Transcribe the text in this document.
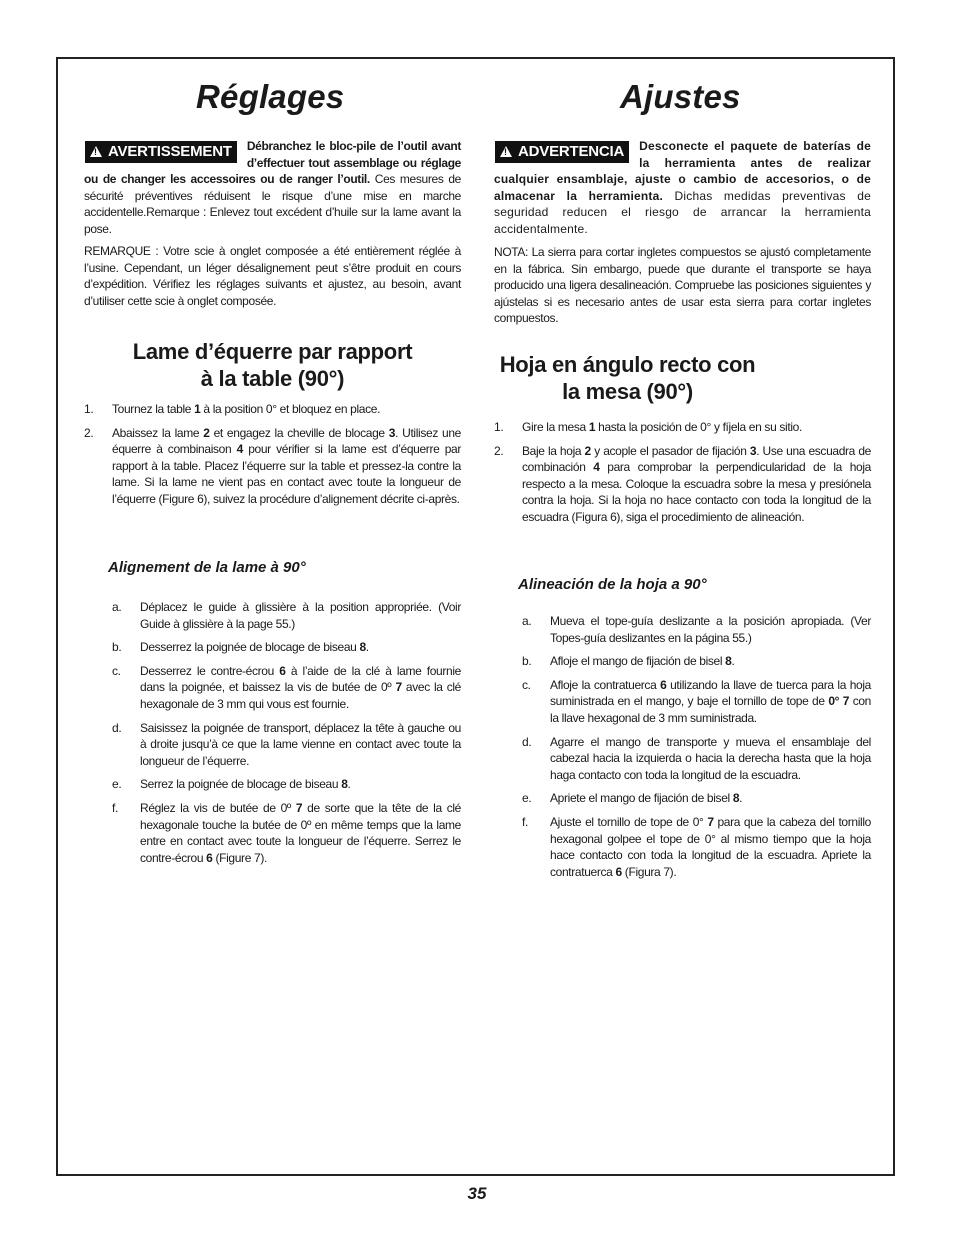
Réglages	Ajustes
!AVERTISSEMENT	Débranchez le bloc-pile de l’outil avant d’effectuer tout assemblage ou réglage ou de changer les accessoires ou de ranger l’outil. Ces mesures de sécurité préventives réduisent le risque d’une mise en marche accidentelle.Remarque : Enlevez tout excédent d’huile sur la lame avant la pose.

REMARQUE : Votre scie à onglet composée a été entièrement réglée à l’usine. Cependant, un léger désalignement peut s’être produit en cours d’expédition. Vérifiez les réglages suivants et ajustez, au besoin, avant d’utiliser cette scie à onglet composée.

Lame d’équerre par rapport
à la table (90°)
1. Tournez la table 1 à la position 0° et bloquez en place.
2. Abaissez la lame 2 et engagez la cheville de blocage 3. Utilisez une équerre à combinaison 4 pour vérifier si la lame est d’équerre par rapport à la table. Placez l’équerre sur la table et pressez-la contre la lame. Si la lame ne vient pas en contact avec toute la longueur de l’équerre (Figure 6), suivez la procédure d’alignement décrite ci-après.
Alignement de la lame à 90°
a. Déplacez le guide à glissière à la position appropriée. (Voir Guide à glissière à la page 55.)
b. Desserrez la poignée de blocage de biseau 8.
c. Desserrez le contre-écrou 6 à l’aide de la clé à lame fournie dans la poignée, et baissez la vis de butée de 0º 7 avec la clé hexagonale de 3 mm qui vous est fournie.
d. Saisissez la poignée de transport, déplacez la tête à gauche ou à droite jusqu’à ce que la lame vienne en contact avec toute la longueur de l’équerre.
e. Serrez la poignée de blocage de biseau 8.
f. Réglez la vis de butée de 0º 7 de sorte que la tête de la clé hexagonale touche la butée de 0º en même temps que la lame entre en contact avec toute la longueur de l’équerre. Serrez le contre-écrou 6 (Figure 7).
!ADVERTENCIA	Desconecte el paquete de baterías de la herramienta antes de realizar cualquier ensamblaje, ajuste o cambio de accesorios, o de almacenar la herramienta. Dichas medidas preventivas de seguridad reducen el riesgo de arrancar la herramienta accidentalmente.

NOTA: La sierra para cortar ingletes compuestos se ajustó completamente en la fábrica. Sin embargo, puede que durante el transporte se haya producido una ligera desalineación. Compruebe las posiciones siguientes y ajústelas si es necesario antes de usar esta sierra para cortar ingletes compuestos.

Hoja en ángulo recto con
la mesa (90°)
1. Gire la mesa 1 hasta la posición de 0° y fíjela en su sitio.
2. Baje la hoja 2 y acople el pasador de fijación 3. Use una escuadra de combinación 4 para comprobar la perpendicularidad de la hoja respecto a la mesa. Coloque la escuadra sobre la mesa y presiónela contra la hoja. Si la hoja no hace contacto con toda la longitud de la escuadra (Figura 6), siga el procedimiento de alineación.
Alineación de la hoja a 90°
a. Mueva el tope-guía deslizante a la posición apropiada. (Ver Topes-guía deslizantes en la página 55.)
b. Afloje el mango de fijación de bisel 8.
c. Afloje la contratuerca 6 utilizando la llave de tuerca para la hoja suministrada en el mango, y baje el tornillo de tope de 0° 7 con la llave hexagonal de 3 mm suministrada.
d. Agarre el mango de transporte y mueva el ensamblaje del cabezal hacia la izquierda o hacia la derecha hasta que la hoja haga contacto con toda la longitud de la escuadra.
e. Apriete el mango de fijación de bisel 8.
f. Ajuste el tornillo de tope de 0° 7 para que la cabeza del tornillo hexagonal golpee el tope de 0° al mismo tiempo que la hoja hace contacto con toda la longitud de la escuadra. Apriete la contratuerca 6 (Figura 7).
35
